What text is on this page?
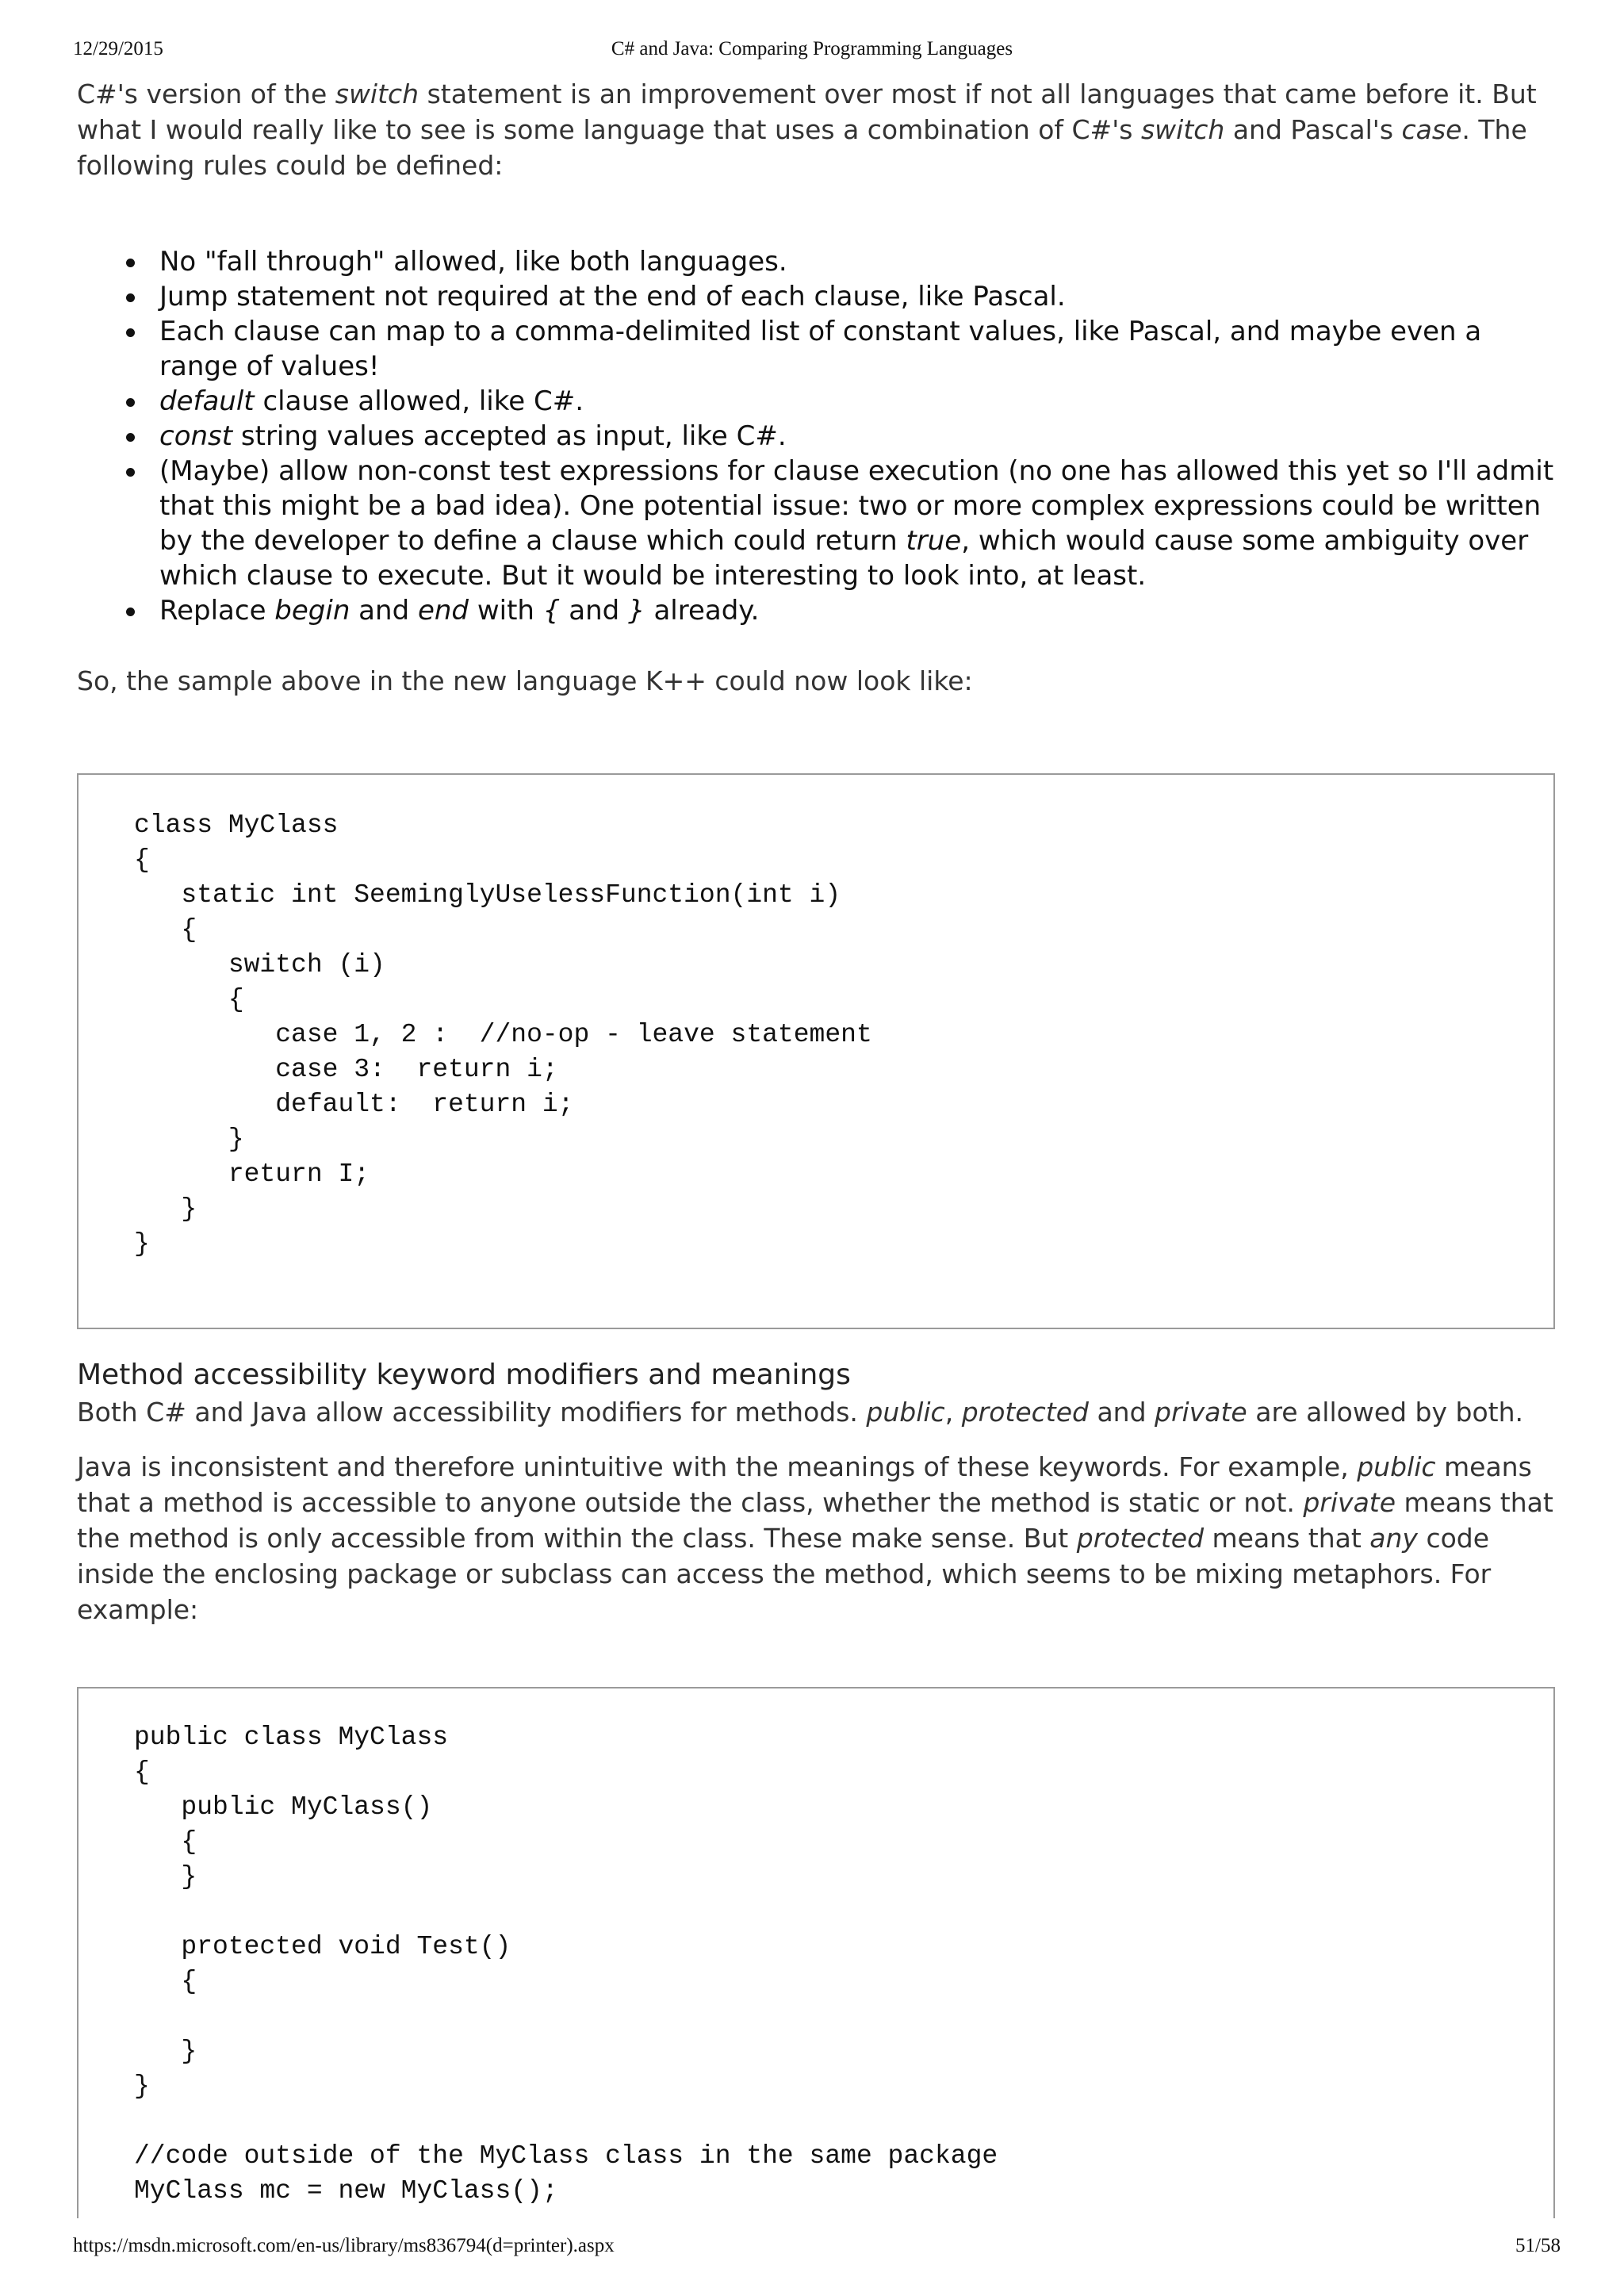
12/29/2015	C# and Java: Comparing Programming Languages

C#'s version of the switch statement is an improvement over most if not all languages that came before it. But what I would really like to see is some language that uses a combination of C#'s switch and Pascal's case. The following rules could be defined:

No "fall through" allowed, like both languages.
Jump statement not required at the end of each clause, like Pascal.
Each clause can map to a comma-delimited list of constant values, like Pascal, and maybe even a range of values!
default clause allowed, like C#.
const string values accepted as input, like C#.
(Maybe) allow non-const test expressions for clause execution (no one has allowed this yet so I'll admit that this might be a bad idea). One potential issue: two or more complex expressions could be written by the developer to define a clause which could return true, which would cause some ambiguity over which clause to execute. But it would be interesting to look into, at least.
Replace begin and end with { and } already.

So, the sample above in the new language K++ could now look like:

class MyClass
{
static int SeeminglyUselessFunction(int i)
{
switch (i)
{
case 1, 2 :  //no-op - leave statement
case 3:  return i;
default:  return i;
}
return I;
}
}
Method accessibility keyword modifiers and meanings

Both C# and Java allow accessibility modifiers for methods. public, protected and private are allowed by both.

Java is inconsistent and therefore unintuitive with the meanings of these keywords. For example, public means that a method is accessible to anyone outside the class, whether the method is static or not. private means that the method is only accessible from within the class. These make sense. But protected means that any code inside the enclosing package or subclass can access the method, which seems to be mixing metaphors. For example:

public class MyClass
{
public MyClass()
{
}
protected void Test()
{
}
}
//code outside of the MyClass class in the same package
MyClass mc = new MyClass();
https://msdn.microsoft.com/en-us/library/ms836794(d=printer).aspx	51/58
